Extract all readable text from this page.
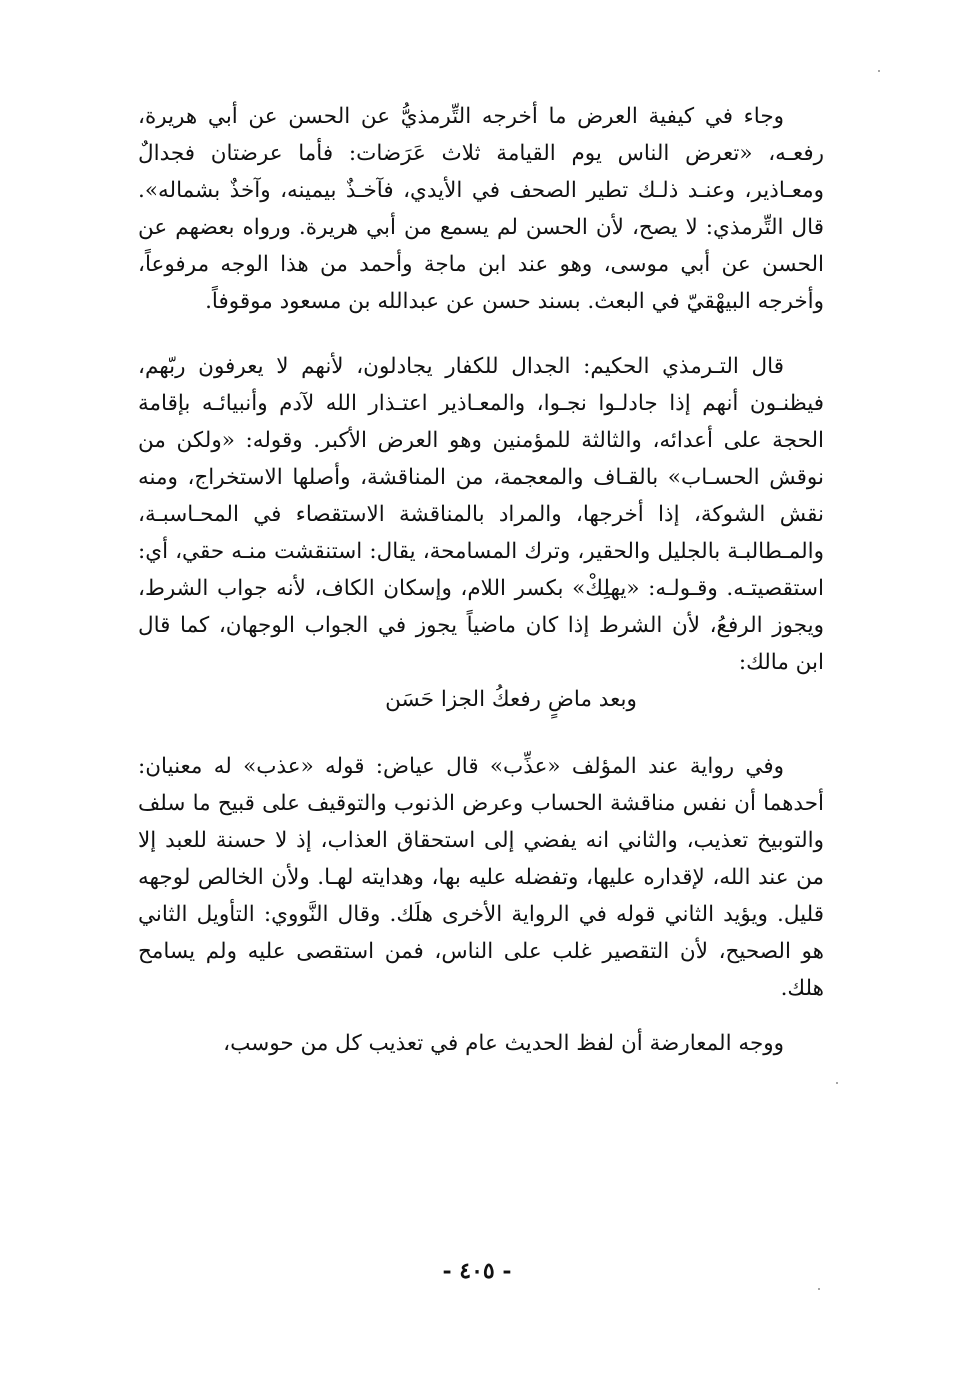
وجاء في كيفية العرض ما أخرجه التِّرمذيُّ عن الحسن عن أبي هريرة، رفعـه، «تعرض الناس يوم القيامة ثلاث عَرَضات: فأما عرضتان فجدالٌ ومعـاذير، وعنـد ذلـك تطير الصحف في الأيدي، فآخـذٌ بيمينه، وآخذٌ بشماله». قال التِّرمذي: لا يصح، لأن الحسن لم يسمع من أبي هريرة. ورواه بعضهم عن الحسن عن أبي موسى، وهو عند ابن ماجة وأحمد من هذا الوجه مرفوعاً، وأخرجه البيهْقيّ في البعث. بسند حسن عن عبدالله بن مسعود موقوفاً.

قال التـرمذي الحكيم: الجدال للكفار يجادلون، لأنهم لا يعرفون ربّهم، فيظنـون أنهم إذا جادلـوا نجـوا، والمعـاذير اعتـذار الله لآدم وأنبيائـه بإقامة الحجة على أعدائه، والثالثة للمؤمنين وهو العرض الأكبر. وقوله: «ولكن من نوقش الحسـاب» بالقـاف والمعجمة، من المناقشة، وأصلها الاستخراج، ومنه نقش الشوكة، إذا أخرجها، والمراد بالمناقشة الاستقصاء في المحـاسبـة، والمـطالبـة بالجليل والحقير، وترك المسامحة، يقال: استنقشت منـه حقي، أي: استقصيتـه. وقـولـه: «يهلِكْ» بكسر اللام، وإسكان الكاف، لأنه جواب الشرط، ويجوز الرفعُ، لأن الشرط إذا كان ماضياً يجوز في الجواب الوجهان، كما قال ابن مالك:

وبعد ماضٍ رفعكُ الجزا حَسَن

وفي رواية عند المؤلف «عذِّب» قال عياض: قوله «عذب» له معنيان: أحدهما أن نفس مناقشة الحساب وعرض الذنوب والتوقيف على قبيح ما سلف والتوبيخ تعذيب، والثاني انه يفضي إلى استحقاق العذاب، إذ لا حسنة للعبد إلا من عند الله، لإقداره عليها، وتفضله عليه بها، وهدايته لهـا. ولأن الخالص لوجهه قليل. ويؤيد الثاني قوله في الرواية الأخرى هلَك. وقال النَّووي: التأويل الثاني هو الصحيح، لأن التقصير غلب على الناس، فمن استقصى عليه ولم يسامح هلك.

ووجه المعارضة أن لفظ الحديث عام في تعذيب كل من حوسب،

- ٤٠٥ -
